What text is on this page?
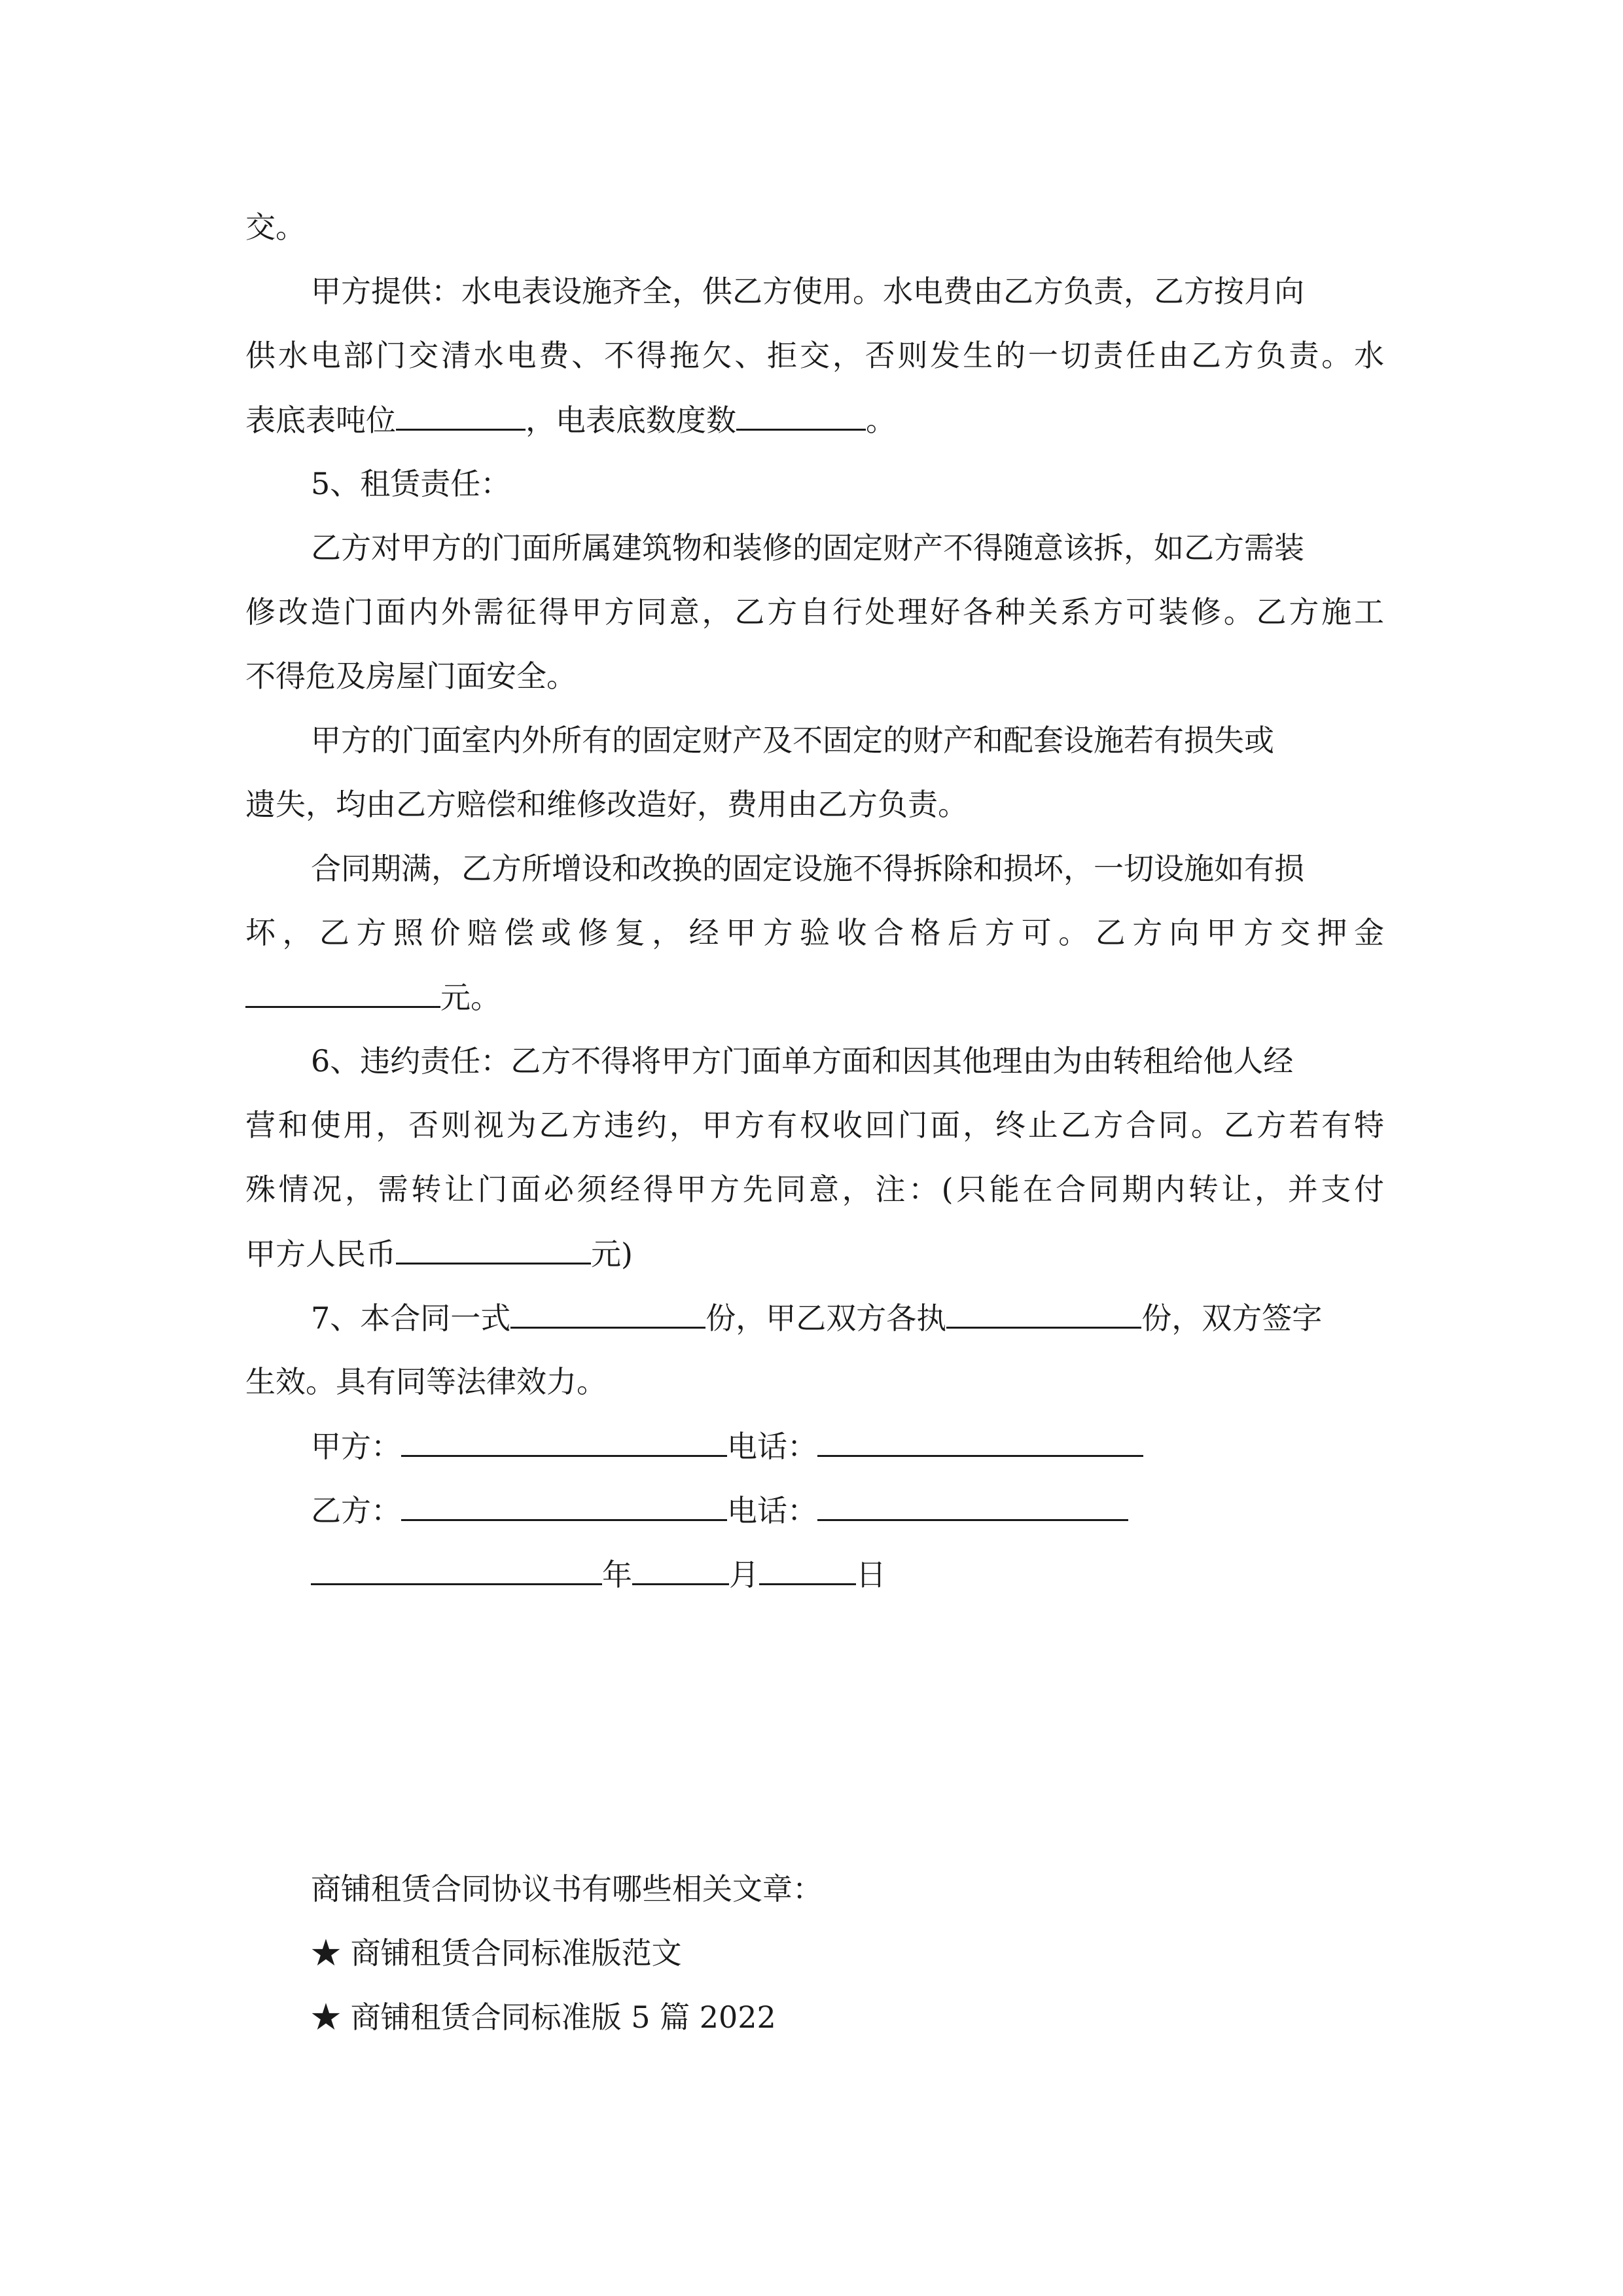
交。
甲方提供：水电表设施齐全，供乙方使用。水电费由乙方负责，乙方按月向
供水电部门交清水电费、不得拖欠、拒交，否则发生的一切责任由乙方负责。水
表底表吨位	，电表底数度数	。
5、租赁责任：
乙方对甲方的门面所属建筑物和装修的固定财产不得随意该拆，如乙方需装
修改造门面内外需征得甲方同意，乙方自行处理好各种关系方可装修。乙方施工
不得危及房屋门面安全。
甲方的门面室内外所有的固定财产及不固定的财产和配套设施若有损失或
遗失，均由乙方赔偿和维修改造好，费用由乙方负责。
合同期满，乙方所增设和改换的固定设施不得拆除和损坏，一切设施如有损
坏，乙方照价赔偿或修复，经甲方验收合格后方可。乙方向甲方交押金
元。
6、违约责任：乙方不得将甲方门面单方面和因其他理由为由转租给他人经
营和使用，否则视为乙方违约，甲方有权收回门面，终止乙方合同。乙方若有特
殊情况，需转让门面必须经得甲方先同意，注：(只能在合同期内转让，并支付
甲方人民币	元)
7、本合同一式	份，甲乙双方各执	份，双方签字
生效。具有同等法律效力。
甲方：	电话：
乙方：	电话：
年	月	日
商铺租赁合同协议书有哪些相关文章：
★ 商铺租赁合同标准版范文
★ 商铺租赁合同标准版 5 篇 2022
